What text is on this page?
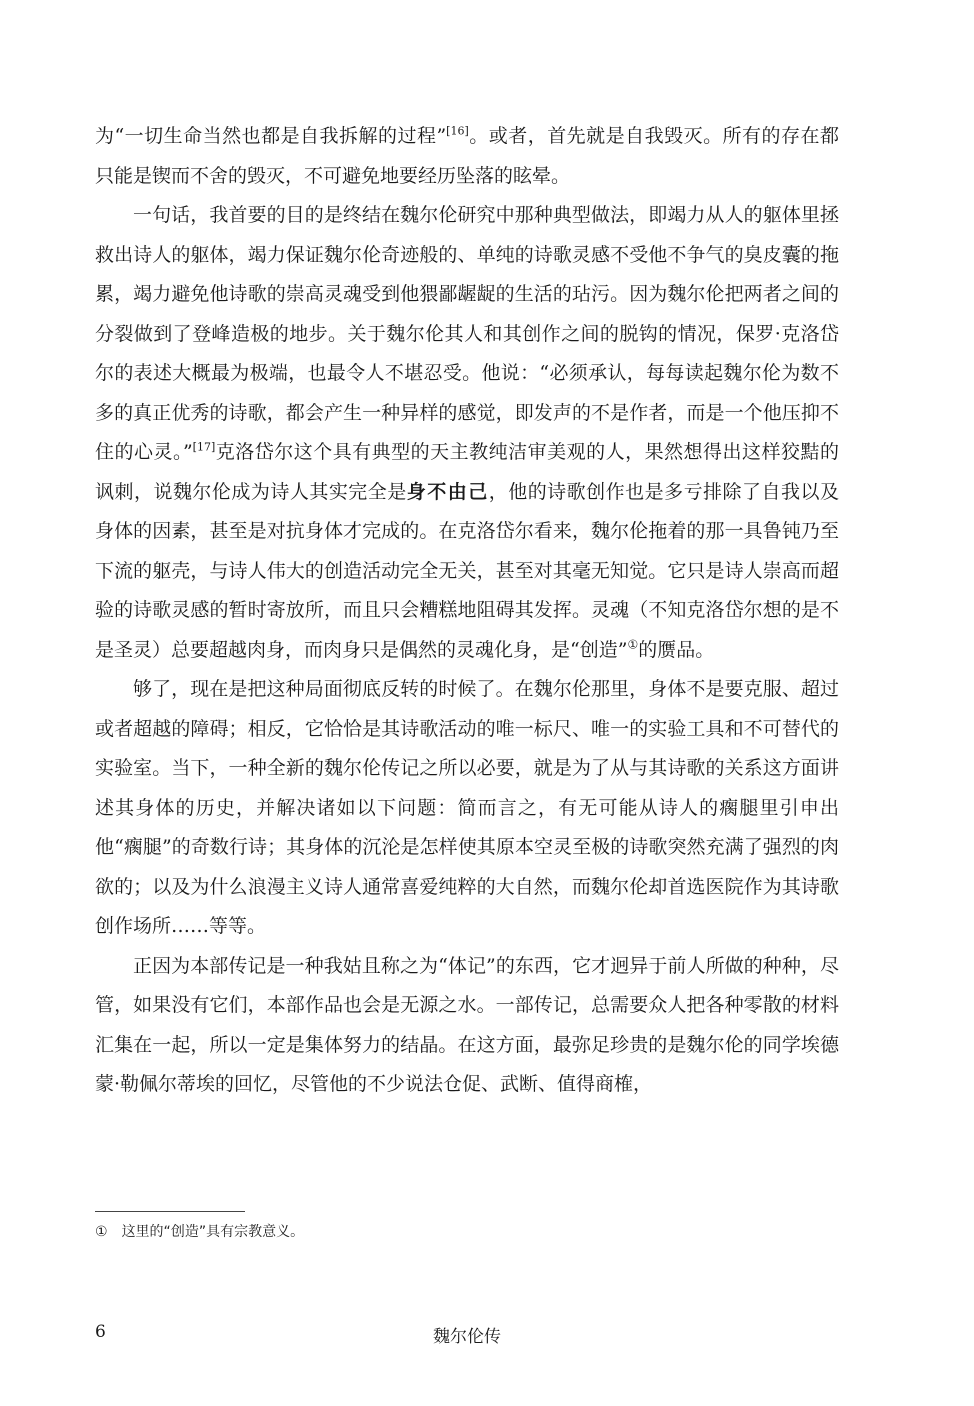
为“一切生命当然也都是自我拆解的过程”[16]。或者，首先就是自我毁灭。所有的存在都只能是锲而不舍的毁灭，不可避免地要经历坠落的眩晕。

一句话，我首要的目的是终结在魏尔伦研究中那种典型做法，即竭力从人的躯体里拯救出诗人的躯体，竭力保证魏尔伦奇迹般的、单纯的诗歌灵感不受他不争气的臭皮囊的拖累，竭力避免他诗歌的崇高灵魂受到他猥鄙龌龊的生活的玷污。因为魏尔伦把两者之间的分裂做到了登峰造极的地步。关于魏尔伦其人和其创作之间的脱钩的情况，保罗·克洛岱尔的表述大概最为极端，也最令人不堪忍受。他说：“必须承认，每每读起魏尔伦为数不多的真正优秀的诗歌，都会产生一种异样的感觉，即发声的不是作者，而是一个他压抑不住的心灵。”[17]克洛岱尔这个具有典型的天主教纯洁审美观的人，果然想得出这样狡黠的讽刺，说魏尔伦成为诗人其实完全是身不由己，他的诗歌创作也是多亏排除了自我以及身体的因素，甚至是对抗身体才完成的。在克洛岱尔看来，魏尔伦拖着的那一具鲁钝乃至下流的躯壳，与诗人伟大的创造活动完全无关，甚至对其毫无知觉。它只是诗人崇高而超验的诗歌灵感的暂时寄放所，而且只会糟糕地阻碍其发挥。灵魂（不知克洛岱尔想的是不是圣灵）总要超越肉身，而肉身只是偶然的灵魂化身，是“创造”①的赝品。

够了，现在是把这种局面彻底反转的时候了。在魏尔伦那里，身体不是要克服、超过或者超越的障碍；相反，它恰恰是其诗歌活动的唯一标尺、唯一的实验工具和不可替代的实验室。当下，一种全新的魏尔伦传记之所以必要，就是为了从与其诗歌的关系这方面讲述其身体的历史，并解决诸如以下问题：简而言之，有无可能从诗人的瘸腿里引申出他“瘸腿”的奇数行诗；其身体的沉沦是怎样使其原本空灵至极的诗歌突然充满了强烈的肉欲的；以及为什么浪漫主义诗人通常喜爱纯粹的大自然，而魏尔伦却首选医院作为其诗歌创作场所……等等。

正因为本部传记是一种我姑且称之为“体记”的东西，它才迥异于前人所做的种种，尽管，如果没有它们，本部作品也会是无源之水。一部传记，总需要众人把各种零散的材料汇集在一起，所以一定是集体努力的结晶。在这方面，最弥足珍贵的是魏尔伦的同学埃德蒙·勒佩尔蒂埃的回忆，尽管他的不少说法仓促、武断、值得商榷，

① 这里的“创造”具有宗教意义。
6	魏尔伦传
